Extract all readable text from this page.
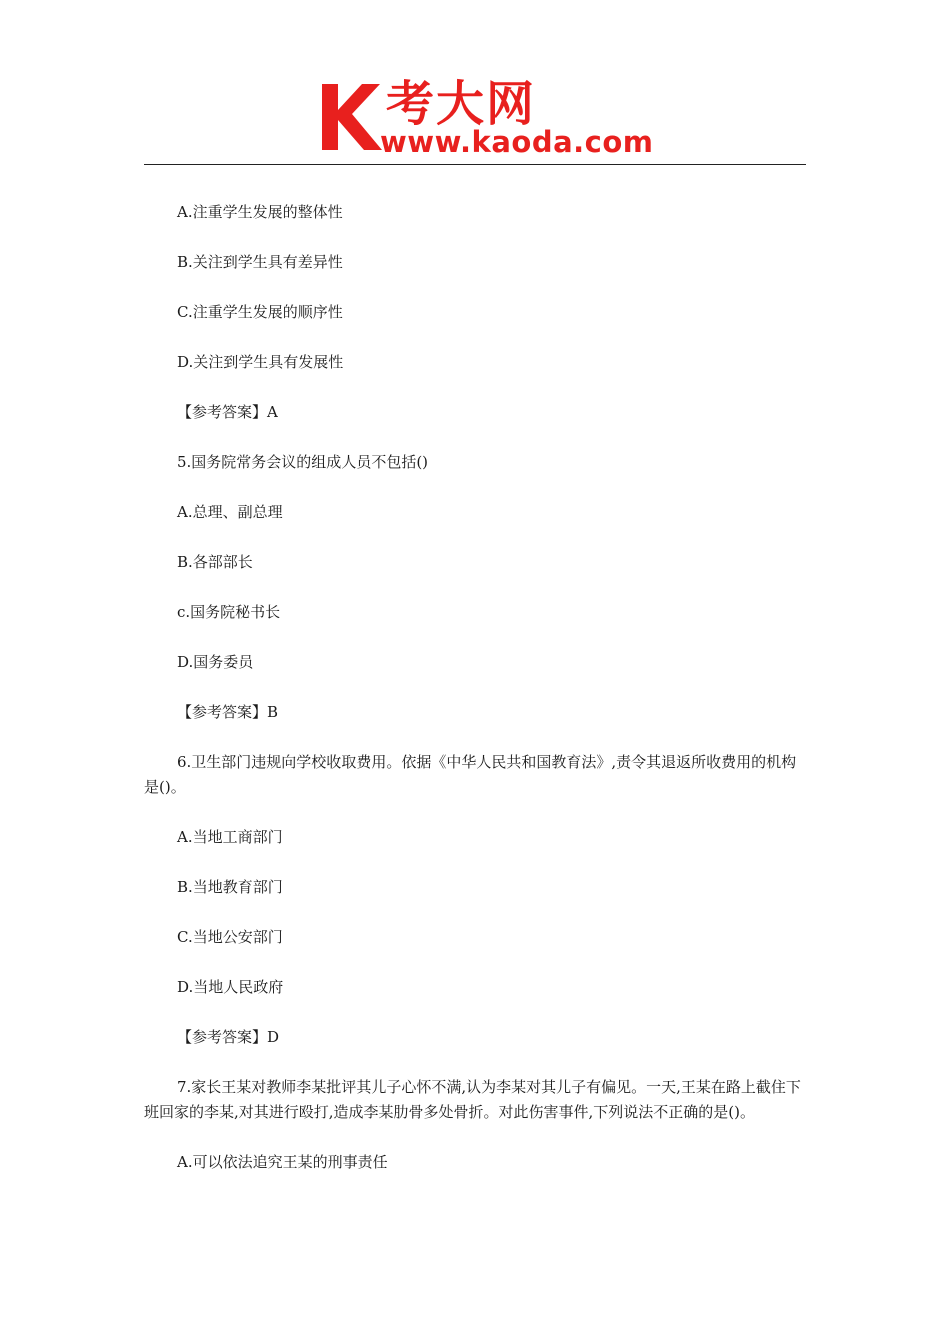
考大网
www.kaoda.com

A.注重学生发展的整体性

B.关注到学生具有差异性

C.注重学生发展的顺序性

D.关注到学生具有发展性

【参考答案】A

5.国务院常务会议的组成人员不包括()

A.总理、副总理

B.各部部长

c.国务院秘书长

D.国务委员

【参考答案】B

6.卫生部门违规向学校收取费用。依据《中华人民共和国教育法》,责令其退返所收费用的机构是()。

A.当地工商部门

B.当地教育部门

C.当地公安部门

D.当地人民政府

【参考答案】D

7.家长王某对教师李某批评其儿子心怀不满,认为李某对其儿子有偏见。一天,王某在路上截住下班回家的李某,对其进行殴打,造成李某肋骨多处骨折。对此伤害事件,下列说法不正确的是()。

A.可以依法追究王某的刑事责任
